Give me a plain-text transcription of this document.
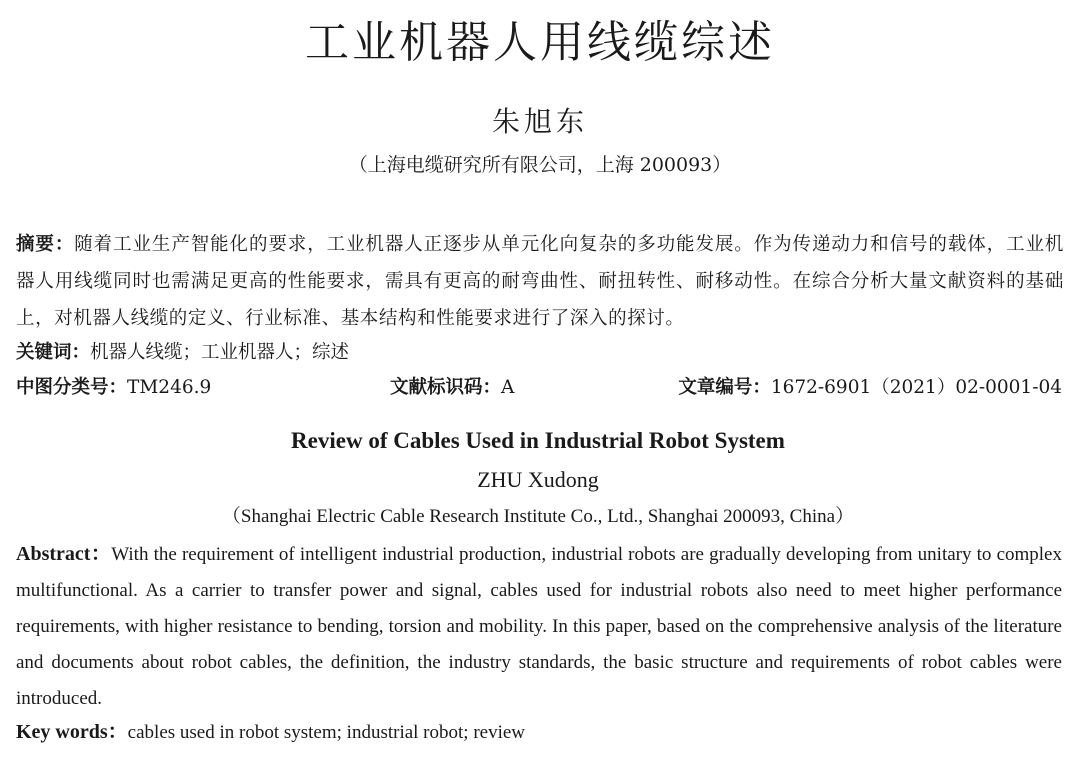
工业机器人用线缆综述
朱旭东
（上海电缆研究所有限公司，上海 200093）
摘要：随着工业生产智能化的要求，工业机器人正逐步从单元化向复杂的多功能发展。作为传递动力和信号的载体，工业机器人用线缆同时也需满足更高的性能要求，需具有更高的耐弯曲性、耐扭转性、耐移动性。在综合分析大量文献资料的基础上，对机器人线缆的定义、行业标准、基本结构和性能要求进行了深入的探讨。
关键词：机器人线缆；工业机器人；综述
中图分类号：TM246.9	文献标识码：A	文章编号：1672-6901（2021）02-0001-04
Review of Cables Used in Industrial Robot System
ZHU Xudong
（Shanghai Electric Cable Research Institute Co., Ltd., Shanghai 200093, China）
Abstract：With the requirement of intelligent industrial production, industrial robots are gradually developing from unitary to complex multifunctional. As a carrier to transfer power and signal, cables used for industrial robots also need to meet higher performance requirements, with higher resistance to bending, torsion and mobility. In this paper, based on the comprehensive analysis of the literature and documents about robot cables, the definition, the industry standards, the basic structure and requirements of robot cables were introduced.
Key words：cables used in robot system; industrial robot; review
